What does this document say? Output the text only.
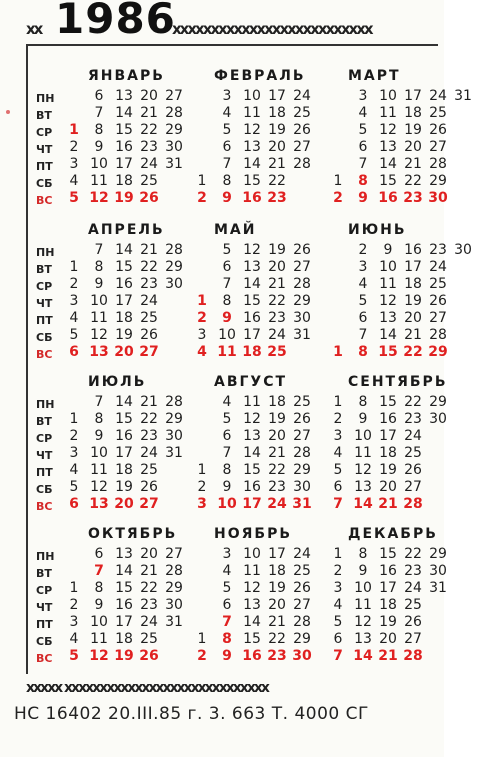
xx 1986
xxxxxxxxxxxxxxxxxxxxxxxxxx
ЯНВАРЬ
ПН
ВТ
СР
ЧТ
ПТ
СБ
ВС
1
2
3
4
5
6
7
8
9
10
11
12
13
14
15
16
17
18
19
20
21
22
23
24
25
26
27
28
29
30
31
ФЕВРАЛЬ
1
2
3
4
5
6
7
8
9
10
11
12
13
14
15
16
17
18
19
20
21
22
23
24
25
26
27
28
МАРТ
1
2
3
4
5
6
7
8
9
10
11
12
13
14
15
16
17
18
19
20
21
22
23
24
25
26
27
28
29
30
31
АПРЕЛЬ
ПН
ВТ
СР
ЧТ
ПТ
СБ
ВС
1
2
3
4
5
6
7
8
9
10
11
12
13
14
15
16
17
18
19
20
21
22
23
24
25
26
27
28
29
30
МАЙ
1
2
3
4
5
6
7
8
9
10
11
12
13
14
15
16
17
18
19
20
21
22
23
24
25
26
27
28
29
30
31
ИЮНЬ
1
2
3
4
5
6
7
8
9
10
11
12
13
14
15
16
17
18
19
20
21
22
23
24
25
26
27
28
29
30
ИЮЛЬ
ПН
ВТ
СР
ЧТ
ПТ
СБ
ВС
1
2
3
4
5
6
7
8
9
10
11
12
13
14
15
16
17
18
19
20
21
22
23
24
25
26
27
28
29
30
31
АВГУСТ
1
2
3
4
5
6
7
8
9
10
11
12
13
14
15
16
17
18
19
20
21
22
23
24
25
26
27
28
29
30
31
СЕНТЯБРЬ
1
2
3
4
5
6
7
8
9
10
11
12
13
14
15
16
17
18
19
20
21
22
23
24
25
26
27
28
29
30
ОКТЯБРЬ
ПН
ВТ
СР
ЧТ
ПТ
СБ
ВС
1
2
3
4
5
6
7
8
9
10
11
12
13
14
15
16
17
18
19
20
21
22
23
24
25
26
27
28
29
30
31
НОЯБРЬ
1
2
3
4
5
6
7
8
9
10
11
12
13
14
15
16
17
18
19
20
21
22
23
24
25
26
27
28
29
30
ДЕКАБРЬ
1
2
3
4
5
6
7
8
9
10
11
12
13
14
15
16
17
18
19
20
21
22
23
24
25
26
27
28
29
30
31
xxxxx xxxxxxxxxxxxxxxxxxxxxxxxxxxxx
НС 16402 20.III.85 г. 3. 663 Т. 4000 СГ
